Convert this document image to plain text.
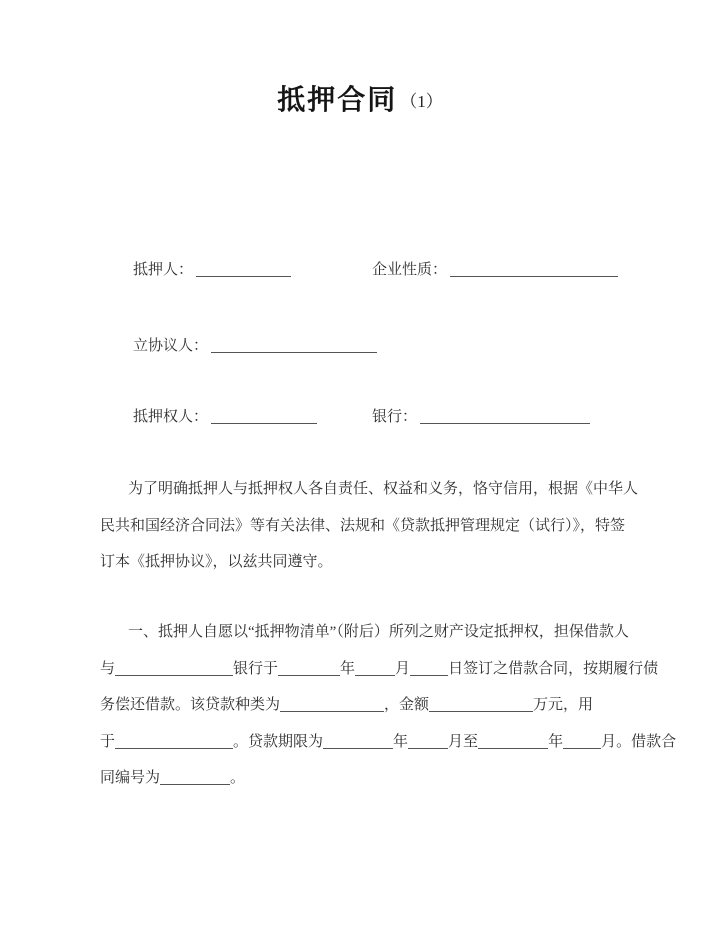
抵押合同 （1）
抵押人：	企业性质：
立协议人：
抵押权人：	银行：
为了明确抵押人与抵押权人各自责任、权益和义务，恪守信用，根据《中华人
民共和国经济合同法》等有关法律、法规和《贷款抵押管理规定（试行）》，特签
订本《抵押协议》，以兹共同遵守。
一、抵押人自愿以“抵押物清单”（附后）所列之财产设定抵押权，担保借款人
与	银行于	年	月	日签订之借款合同，按期履行债
务偿还借款。该贷款种类为	，金额	万元，用
于	。贷款期限为	年	月至	年	月。借款合
同编号为	。
